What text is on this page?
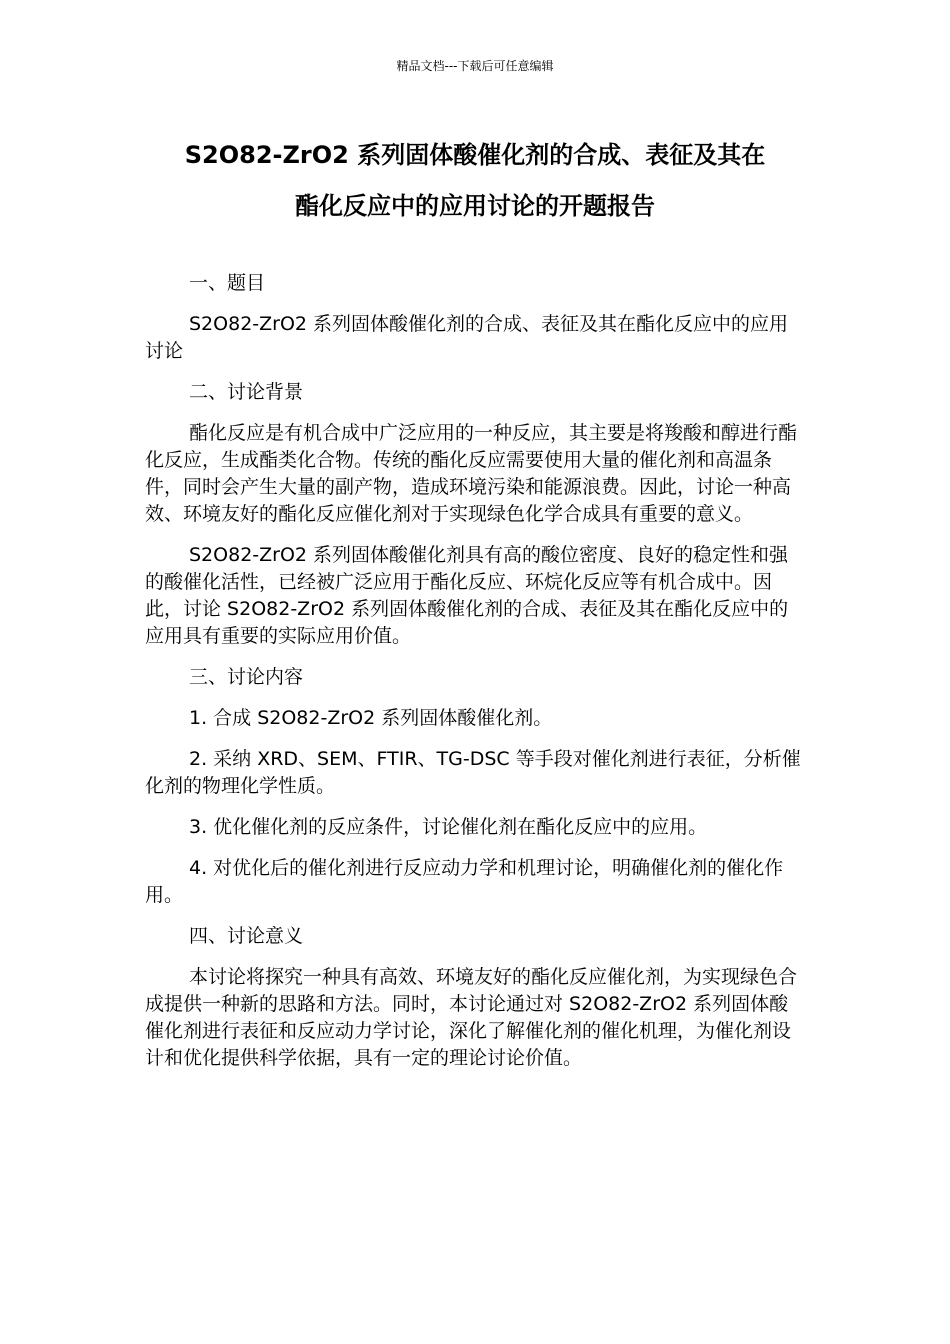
精品文档---下载后可任意编辑
S2O82-ZrO2 系列固体酸催化剂的合成、表征及其在
酯化反应中的应用讨论的开题报告

一、题目

S2O82-ZrO2 系列固体酸催化剂的合成、表征及其在酯化反应中的应用讨论

二、讨论背景

酯化反应是有机合成中广泛应用的一种反应，其主要是将羧酸和醇进行酯化反应，生成酯类化合物。传统的酯化反应需要使用大量的催化剂和高温条件，同时会产生大量的副产物，造成环境污染和能源浪费。因此，讨论一种高效、环境友好的酯化反应催化剂对于实现绿色化学合成具有重要的意义。

S2O82-ZrO2 系列固体酸催化剂具有高的酸位密度、良好的稳定性和强的酸催化活性，已经被广泛应用于酯化反应、环烷化反应等有机合成中。因此，讨论 S2O82-ZrO2 系列固体酸催化剂的合成、表征及其在酯化反应中的应用具有重要的实际应用价值。

三、讨论内容

1. 合成 S2O82-ZrO2 系列固体酸催化剂。

2. 采纳 XRD、SEM、FTIR、TG-DSC 等手段对催化剂进行表征，分析催化剂的物理化学性质。

3. 优化催化剂的反应条件，讨论催化剂在酯化反应中的应用。

4. 对优化后的催化剂进行反应动力学和机理讨论，明确催化剂的催化作用。

四、讨论意义

本讨论将探究一种具有高效、环境友好的酯化反应催化剂，为实现绿色合成提供一种新的思路和方法。同时，本讨论通过对 S2O82-ZrO2 系列固体酸催化剂进行表征和反应动力学讨论，深化了解催化剂的催化机理，为催化剂设计和优化提供科学依据，具有一定的理论讨论价值。
